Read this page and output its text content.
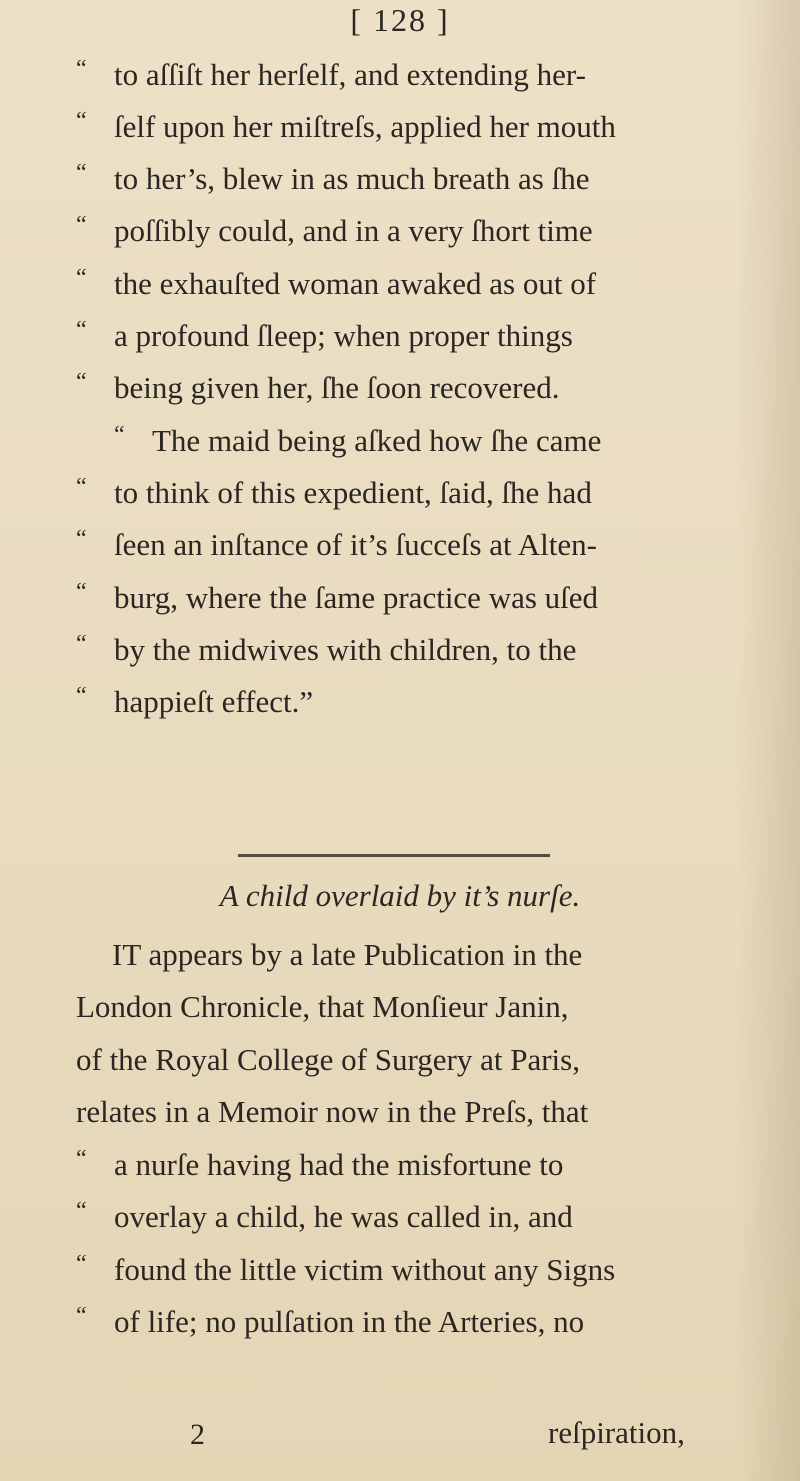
[ 128 ]
“ to aſſiſt her herſelf, and extending her-
“ ſelf upon her miſtreſs, applied her mouth
“ to her’s, blew in as much breath as ſhe
“ poſſibly could, and in a very ſhort time
“ the exhauſted woman awaked as out of
“ a profound ſleep; when proper things
“ being given her, ſhe ſoon recovered.
“ The maid being aſked how ſhe came
“ to think of this expedient, ſaid, ſhe had
“ ſeen an inſtance of it’s ſucceſs at Alten-
“ burg, where the ſame practice was uſed
“ by the midwives with children, to the
“ happieſt effect.”
A child overlaid by it’s nurſe.
IT appears by a late Publication in the
London Chronicle, that Monſieur Janin,
of the Royal College of Surgery at Paris,
relates in a Memoir now in the Preſs, that
“ a nurſe having had the misfortune to
“ overlay a child, he was called in, and
“ found the little victim without any Signs
“ of life; no pulſation in the Arteries, no
2	reſpiration,
